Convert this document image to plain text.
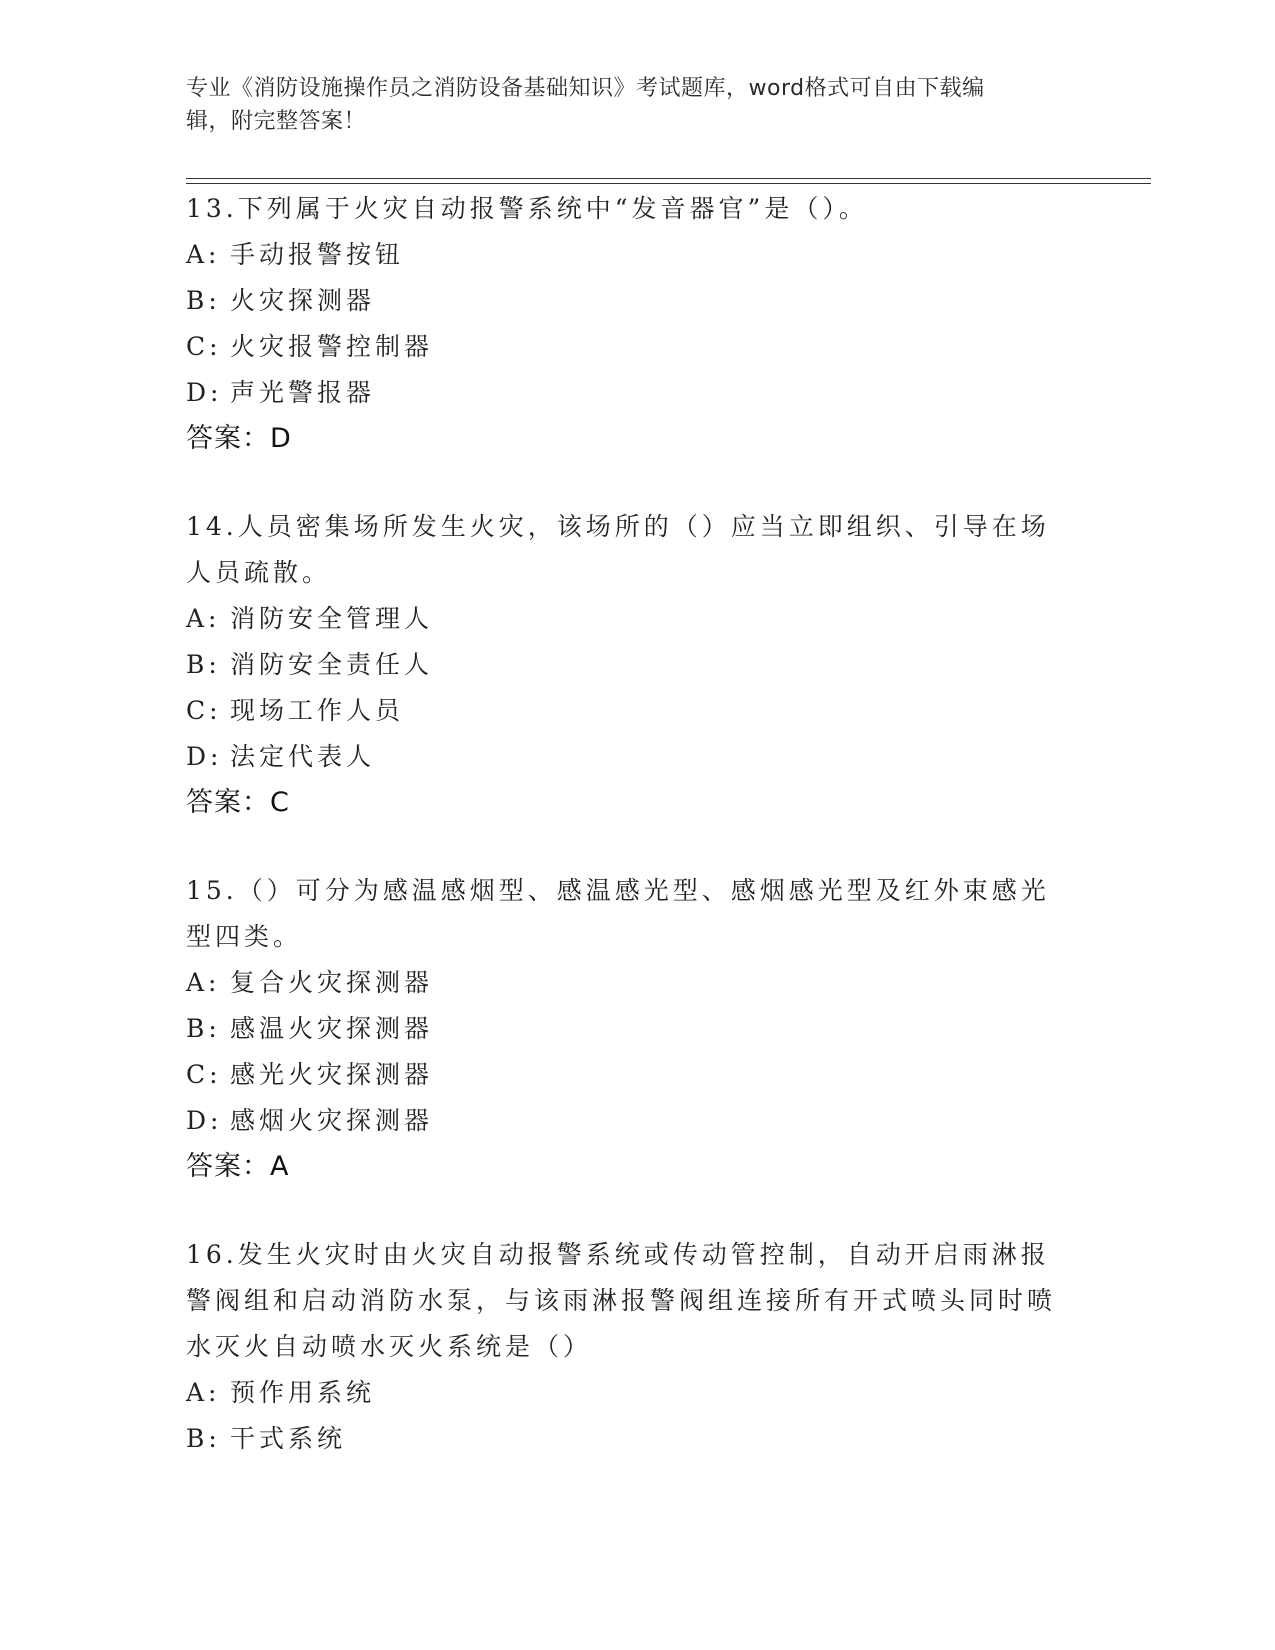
专业《消防设施操作员之消防设备基础知识》考试题库，word格式可自由下载编
辑，附完整答案！
13.下列属于火灾自动报警系统中“发音器官”是（）。
A: 手动报警按钮
B: 火灾探测器
C: 火灾报警控制器
D: 声光警报器
答案：D
14.人员密集场所发生火灾，该场所的（）应当立即组织、引导在场人员疏散。
A: 消防安全管理人
B: 消防安全责任人
C: 现场工作人员
D: 法定代表人
答案：C
15.（）可分为感温感烟型、感温感光型、感烟感光型及红外束感光型四类。
A: 复合火灾探测器
B: 感温火灾探测器
C: 感光火灾探测器
D: 感烟火灾探测器
答案：A
16.发生火灾时由火灾自动报警系统或传动管控制，自动开启雨淋报警阀组和启动消防水泵，与该雨淋报警阀组连接所有开式喷头同时喷水灭火自动喷水灭火系统是（）
A: 预作用系统
B: 干式系统
